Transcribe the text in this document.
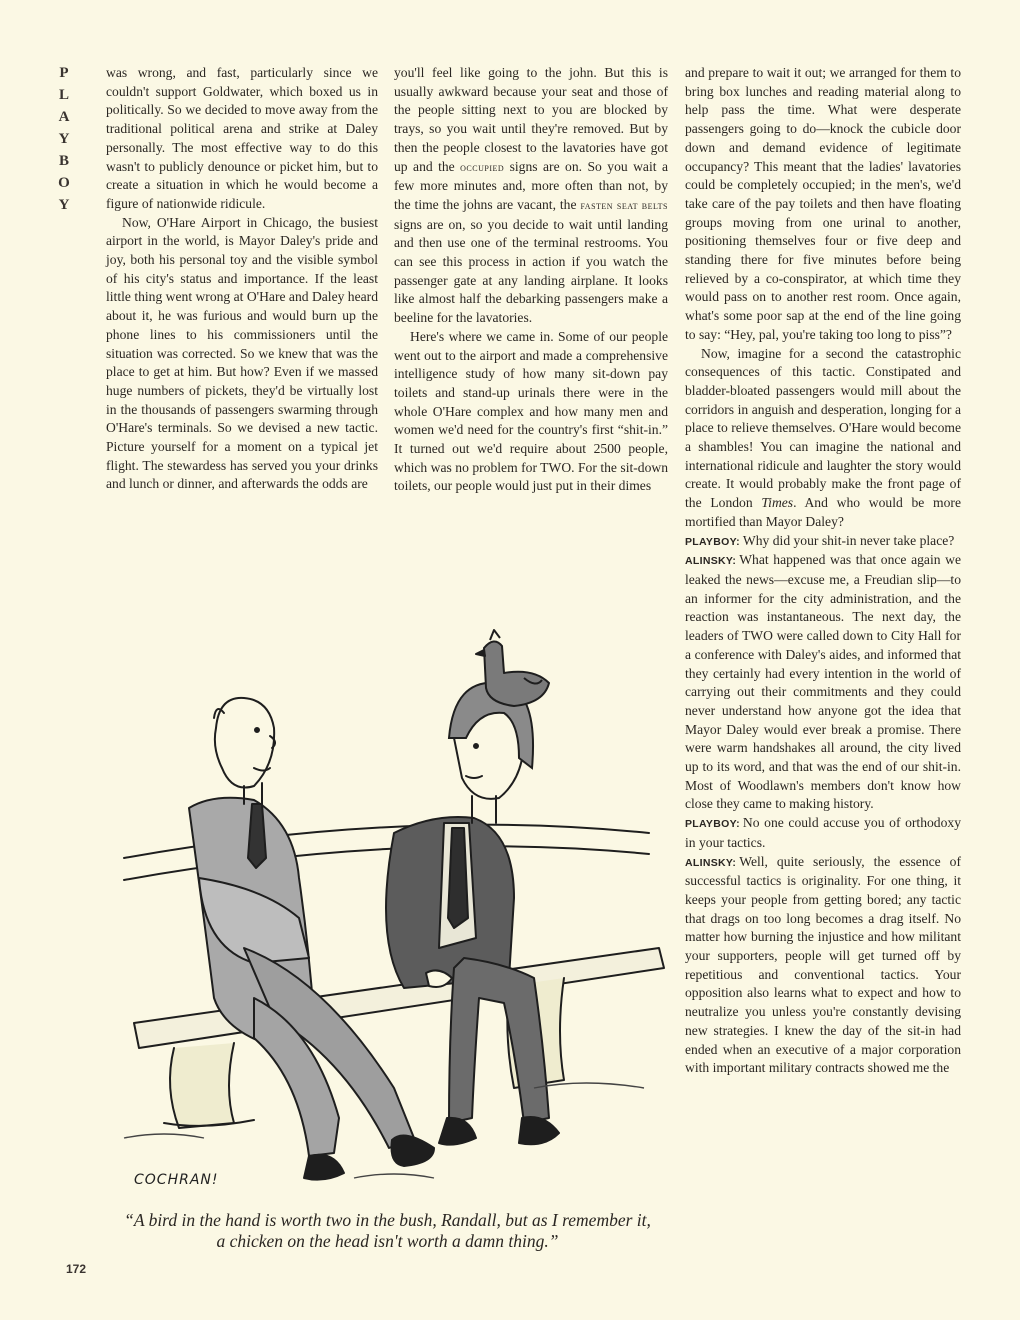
P
L
A
Y
B
O
Y

was wrong, and fast, particularly since we couldn't support Goldwater, which boxed us in politically. So we decided to move away from the traditional political arena and strike at Daley personally. The most effective way to do this wasn't to publicly denounce or picket him, but to create a situation in which he would become a figure of nationwide ridicule.

Now, O'Hare Airport in Chicago, the busiest airport in the world, is Mayor Daley's pride and joy, both his personal toy and the visible symbol of his city's status and importance. If the least little thing went wrong at O'Hare and Daley heard about it, he was furious and would burn up the phone lines to his commissioners until the situation was corrected. So we knew that was the place to get at him. But how? Even if we massed huge numbers of pickets, they'd be virtually lost in the thousands of passengers swarming through O'Hare's terminals. So we devised a new tactic. Picture yourself for a moment on a typical jet flight. The stewardess has served you your drinks and lunch or dinner, and afterwards the odds are

you'll feel like going to the john. But this is usually awkward because your seat and those of the people sitting next to you are blocked by trays, so you wait until they're removed. But by then the people closest to the lavatories have got up and the occupied signs are on. So you wait a few more minutes and, more often than not, by the time the johns are vacant, the fasten seat belts signs are on, so you decide to wait until landing and then use one of the terminal restrooms. You can see this process in action if you watch the passenger gate at any landing airplane. It looks like almost half the debarking passengers make a beeline for the lavatories.

Here's where we came in. Some of our people went out to the airport and made a comprehensive intelligence study of how many sit-down pay toilets and stand-up urinals there were in the whole O'Hare complex and how many men and women we'd need for the country's first “shit-in.” It turned out we'd require about 2500 people, which was no problem for TWO. For the sit-down toilets, our people would just put in their dimes

and prepare to wait it out; we arranged for them to bring box lunches and reading material along to help pass the time. What were desperate passengers going to do—knock the cubicle door down and demand evidence of legitimate occupancy? This meant that the ladies' lavatories could be completely occupied; in the men's, we'd take care of the pay toilets and then have floating groups moving from one urinal to another, positioning themselves four or five deep and standing there for five minutes before being relieved by a co-conspirator, at which time they would pass on to another rest room. Once again, what's some poor sap at the end of the line going to say: “Hey, pal, you're taking too long to piss”?

Now, imagine for a second the catastrophic consequences of this tactic. Constipated and bladder-bloated passengers would mill about the corridors in anguish and desperation, longing for a place to relieve themselves. O'Hare would become a shambles! You can imagine the national and international ridicule and laughter the story would create. It would probably make the front page of the London Times. And who would be more mortified than Mayor Daley?

PLAYBOY: Why did your shit-in never take place?

ALINSKY: What happened was that once again we leaked the news—excuse me, a Freudian slip—to an informer for the city administration, and the reaction was instantaneous. The next day, the leaders of TWO were called down to City Hall for a conference with Daley's aides, and informed that they certainly had every intention in the world of carrying out their commitments and they could never understand how anyone got the idea that Mayor Daley would ever break a promise. There were warm handshakes all around, the city lived up to its word, and that was the end of our shit-in. Most of Woodlawn's members don't know how close they came to making history.

PLAYBOY: No one could accuse you of orthodoxy in your tactics.

ALINSKY: Well, quite seriously, the essence of successful tactics is originality. For one thing, it keeps your people from getting bored; any tactic that drags on too long becomes a drag itself. No matter how burning the injustice and how militant your supporters, people will get turned off by repetitious and conventional tactics. Your opposition also learns what to expect and how to neutralize you unless you're constantly devising new strategies. I knew the day of the sit-in had ended when an executive of a major corporation with important military contracts showed me the

COCHRAN!
“A bird in the hand is worth two in the bush, Randall, but as I remember it, a chicken on the head isn't worth a damn thing.”
172
